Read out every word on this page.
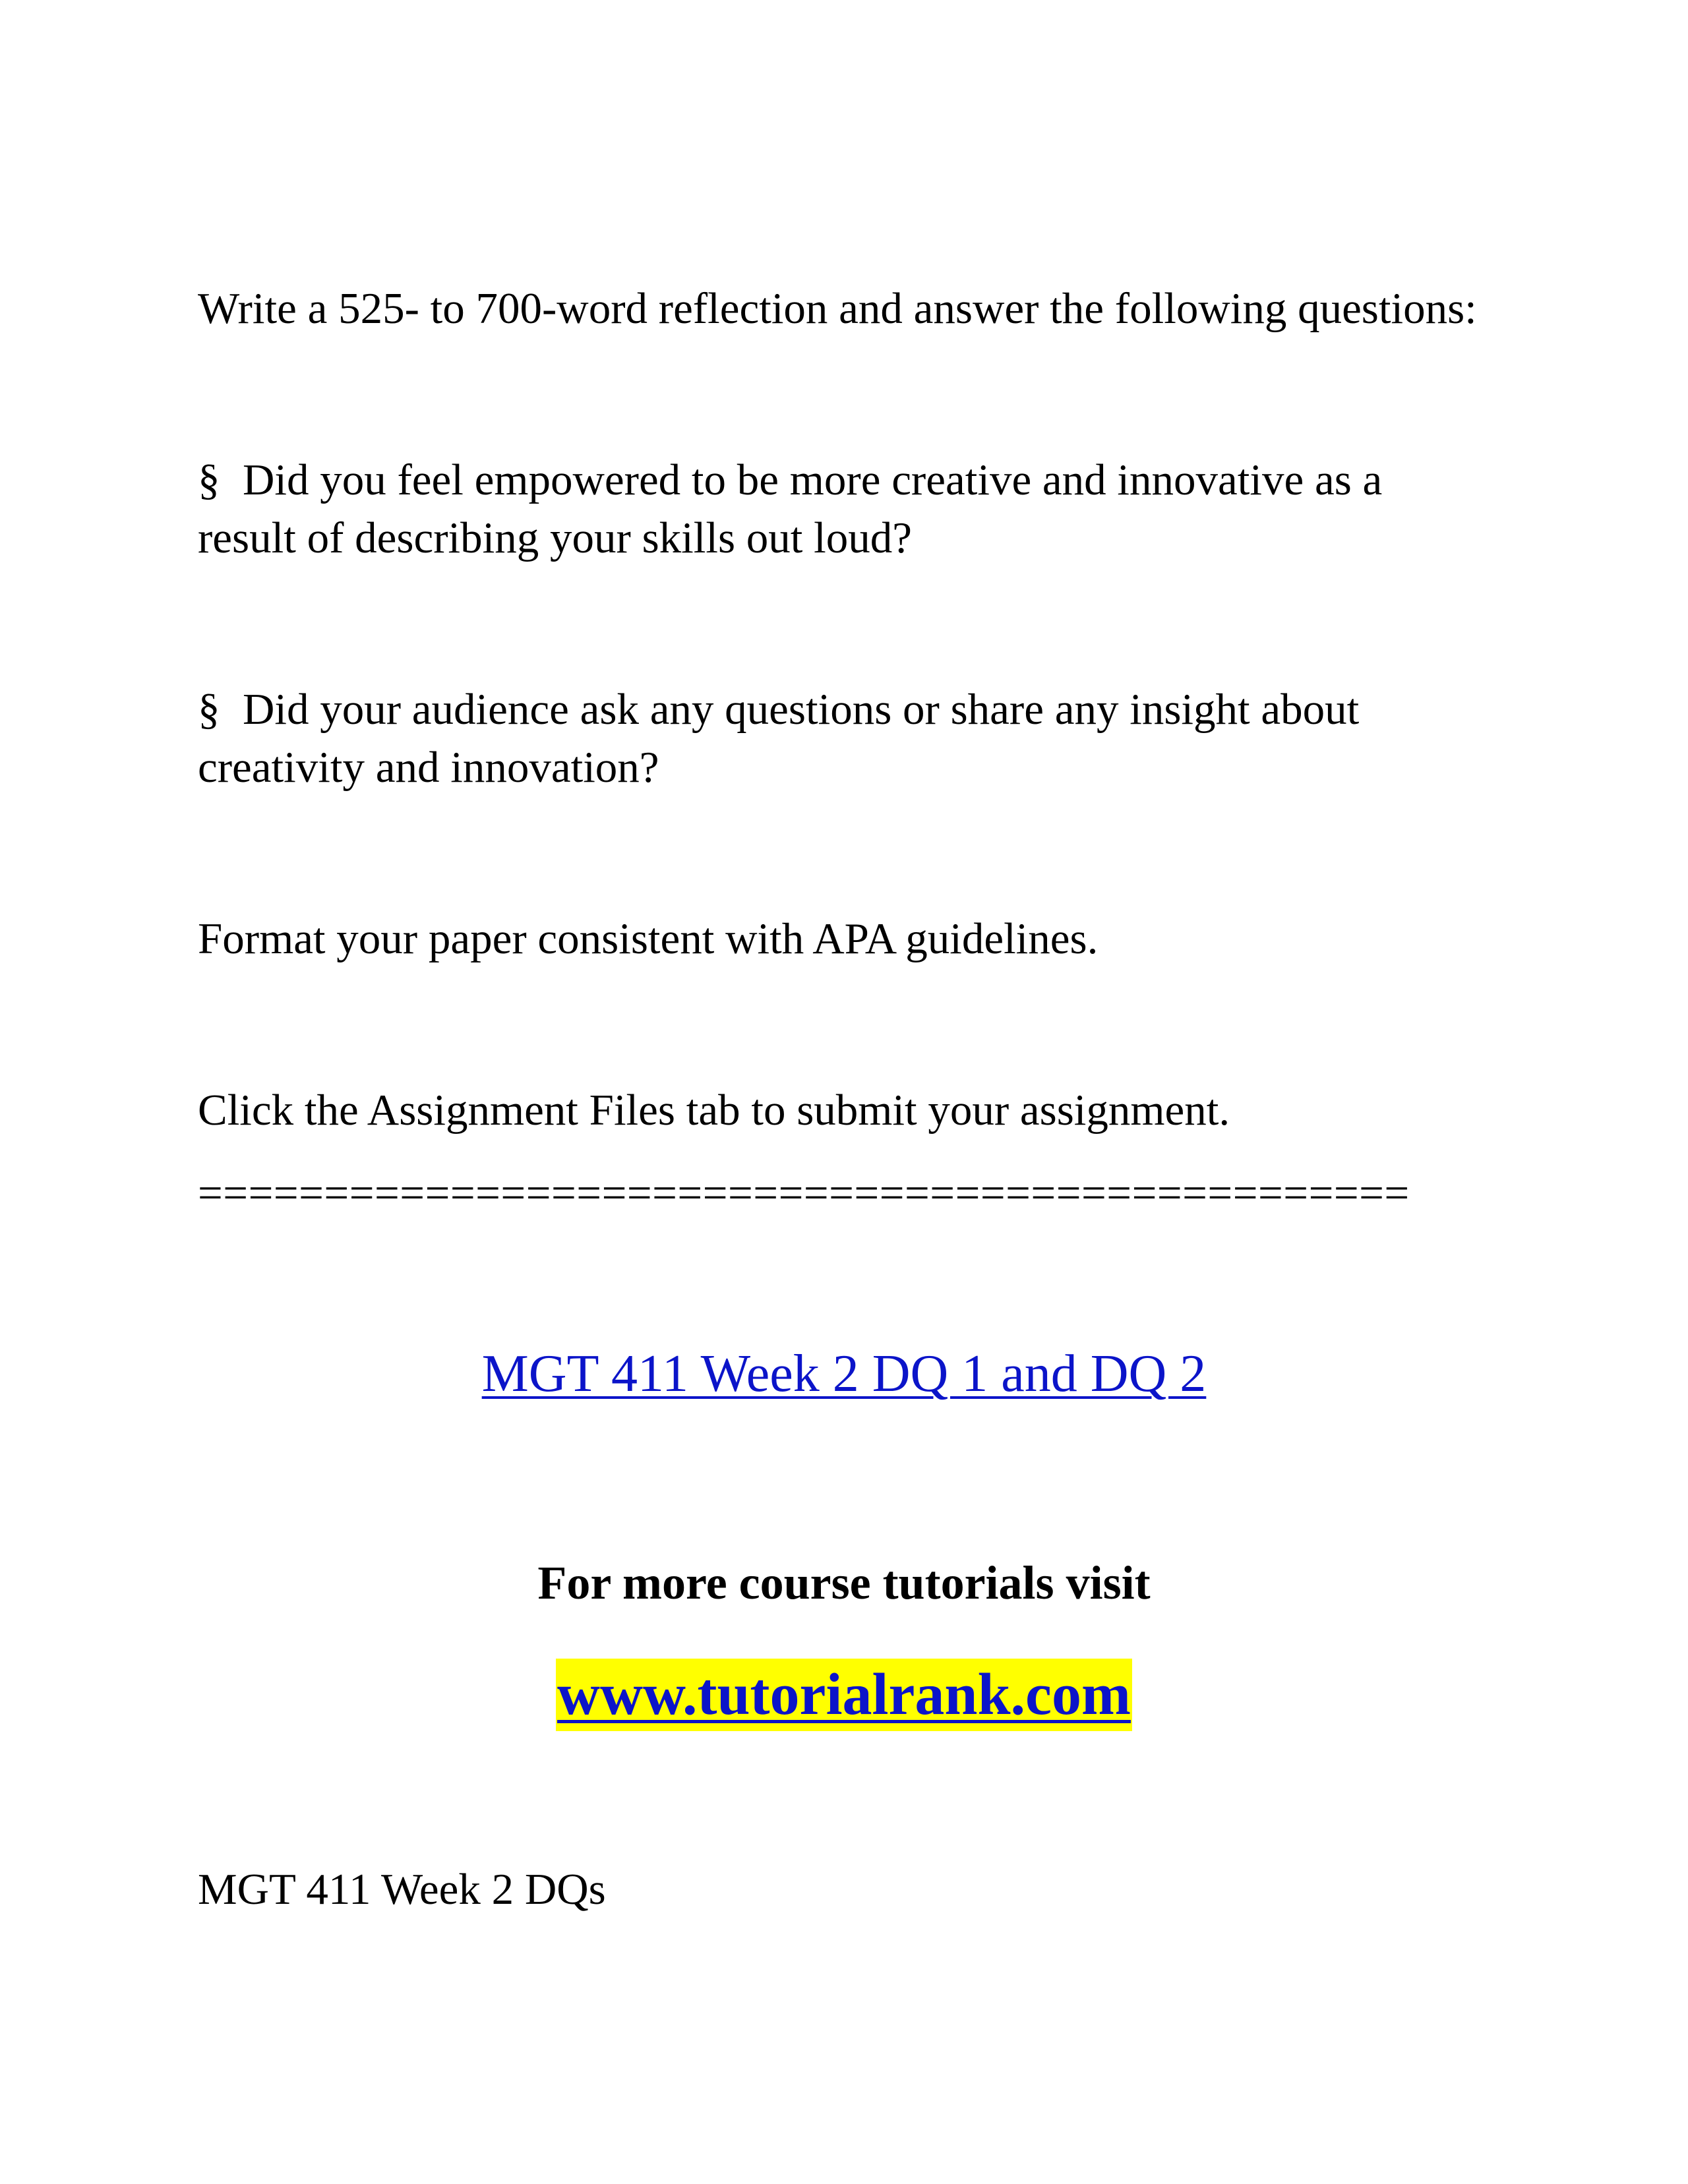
Write a 525- to 700-word reflection and answer the following questions:

§ Did you feel empowered to be more creative and innovative as a

result of describing your skills out loud?

§ Did your audience ask any questions or share any insight about

creativity and innovation?

Format your paper consistent with APA guidelines.

Click the Assignment Files tab to submit your assignment.

================================================

MGT 411 Week 2 DQ 1 and DQ 2

For more course tutorials visit

www.tutorialrank.com

MGT 411 Week 2 DQs
